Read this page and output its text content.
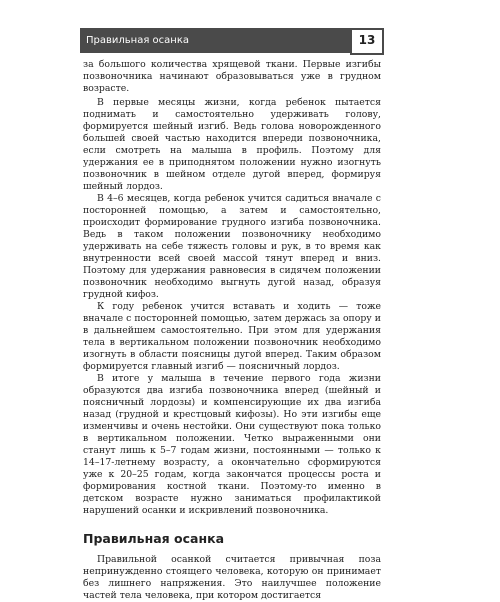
Правильная осанка	13

за большого количества хрящевой ткани. Первые изгибы позвоночника начинают образовываться уже в грудном возрасте.

В первые месяцы жизни, когда ребенок пытается поднимать и самостоятельно удерживать голову, формируется шейный изгиб. Ведь голова новорожденного большей своей частью находится впереди позвоночника, если смотреть на малыша в профиль. Поэтому для удержания ее в приподнятом положении нужно изогнуть позвоночник в шейном отделе дугой вперед, формируя шейный лордоз.

В 4–6 месяцев, когда ребенок учится садиться вначале с посторонней помощью, а затем и самостоятельно, происходит формирование грудного изгиба позвоночника. Ведь в таком положении позвоночнику необходимо удерживать на себе тяжесть головы и рук, в то время как внутренности всей своей массой тянут вперед и вниз. Поэтому для удержания равновесия в сидячем положении позвоночник необходимо выгнуть дугой назад, образуя грудной кифоз.

К году ребенок учится вставать и ходить — тоже вначале с посторонней помощью, затем держась за опору и в дальнейшем самостоятельно. При этом для удержания тела в вертикальном положении позвоночник необходимо изогнуть в области поясницы дугой вперед. Таким образом формируется главный изгиб — поясничный лордоз.

В итоге у малыша в течение первого года жизни образуются два изгиба позвоночника вперед (шейный и поясничный лордозы) и компенсирующие их два изгиба назад (грудной и крестцовый кифозы). Но эти изгибы еще изменчивы и очень нестойки. Они существуют пока только в вертикальном положении. Четко выраженными они станут лишь к 5–7 годам жизни, постоянными — только к 14–17-летнему возрасту, а окончательно сформируются уже к 20–25 годам, когда закончатся процессы роста и формирования костной ткани. Поэтому-то именно в детском возрасте нужно заниматься профилактикой нарушений осанки и искривлений позвоночника.

Правильная осанка

Правильной осанкой считается привычная поза непринужденно стоящего человека, которую он принимает без лишнего напряжения. Это наилучшее положение частей тела человека, при котором достигается
